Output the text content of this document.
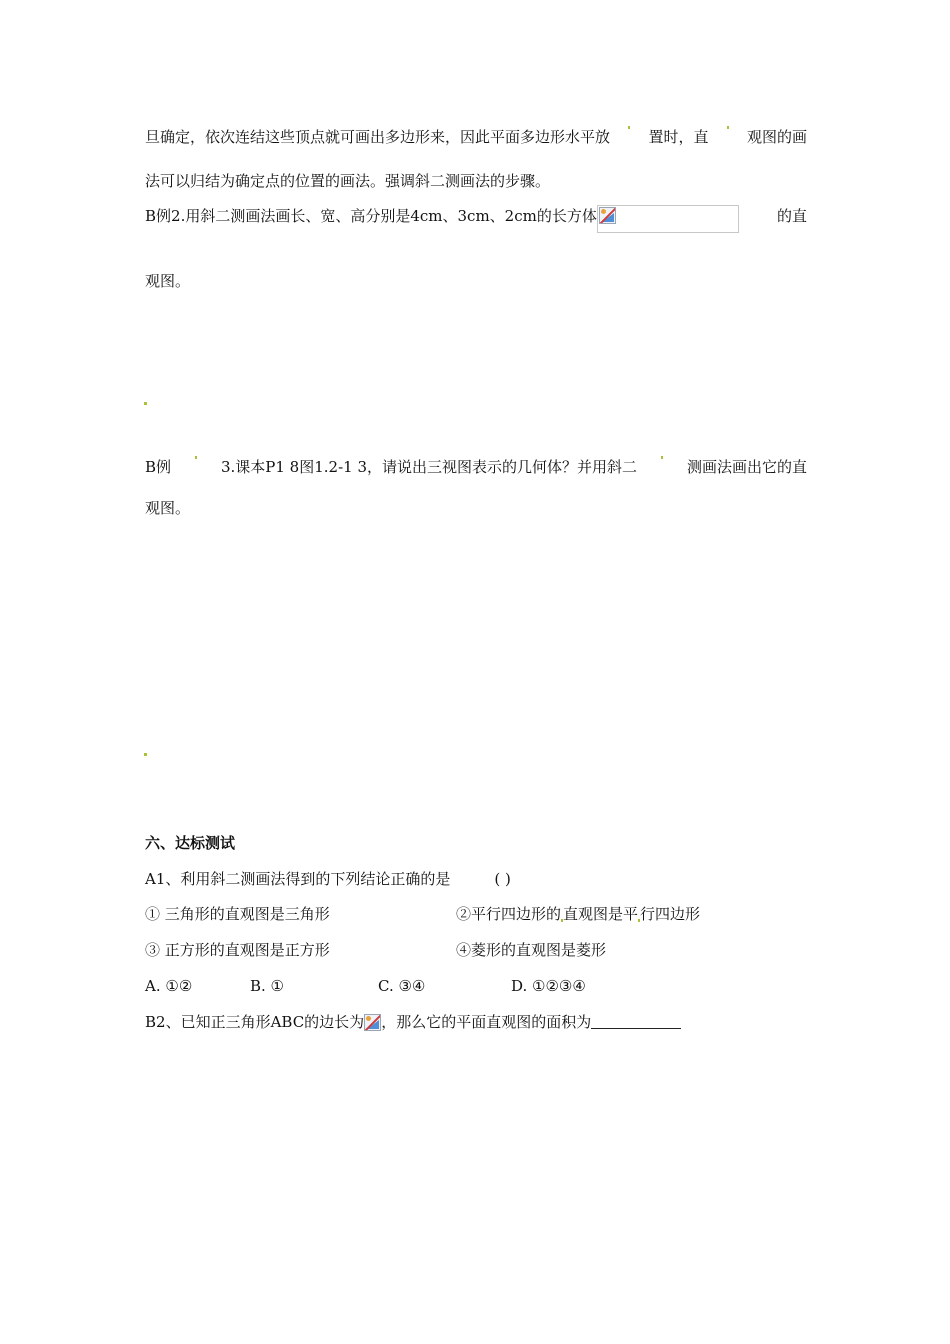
旦确定，依次连结这些顶点就可画出多边形来，因此平面多边形水平放	置时，直	观图的画
法可以归结为确定点的位置的画法。强调斜二测画法的步骤。
B例2.用斜二测画法画长、宽、高分别是4cm、3cm、2cm的长方体	的直
观图。
B例	3.课本P1 8图1.2-1 3，请说出三视图表示的几何体？并用斜二	测画法画出它的直
观图。
六、达标测试
A1、利用斜二测画法得到的下列结论正确的是	( )
① 三角形的直观图是三角形	②平行四边形的 直观图是平 行四边形
③ 正方形的直观图是正方形	④菱形的直观图是菱形
A. ①②	B. ①	C. ③④	D. ①②③④
B2、已知正三角形ABC的边长为 ，那么它的平面直观图的面积为
